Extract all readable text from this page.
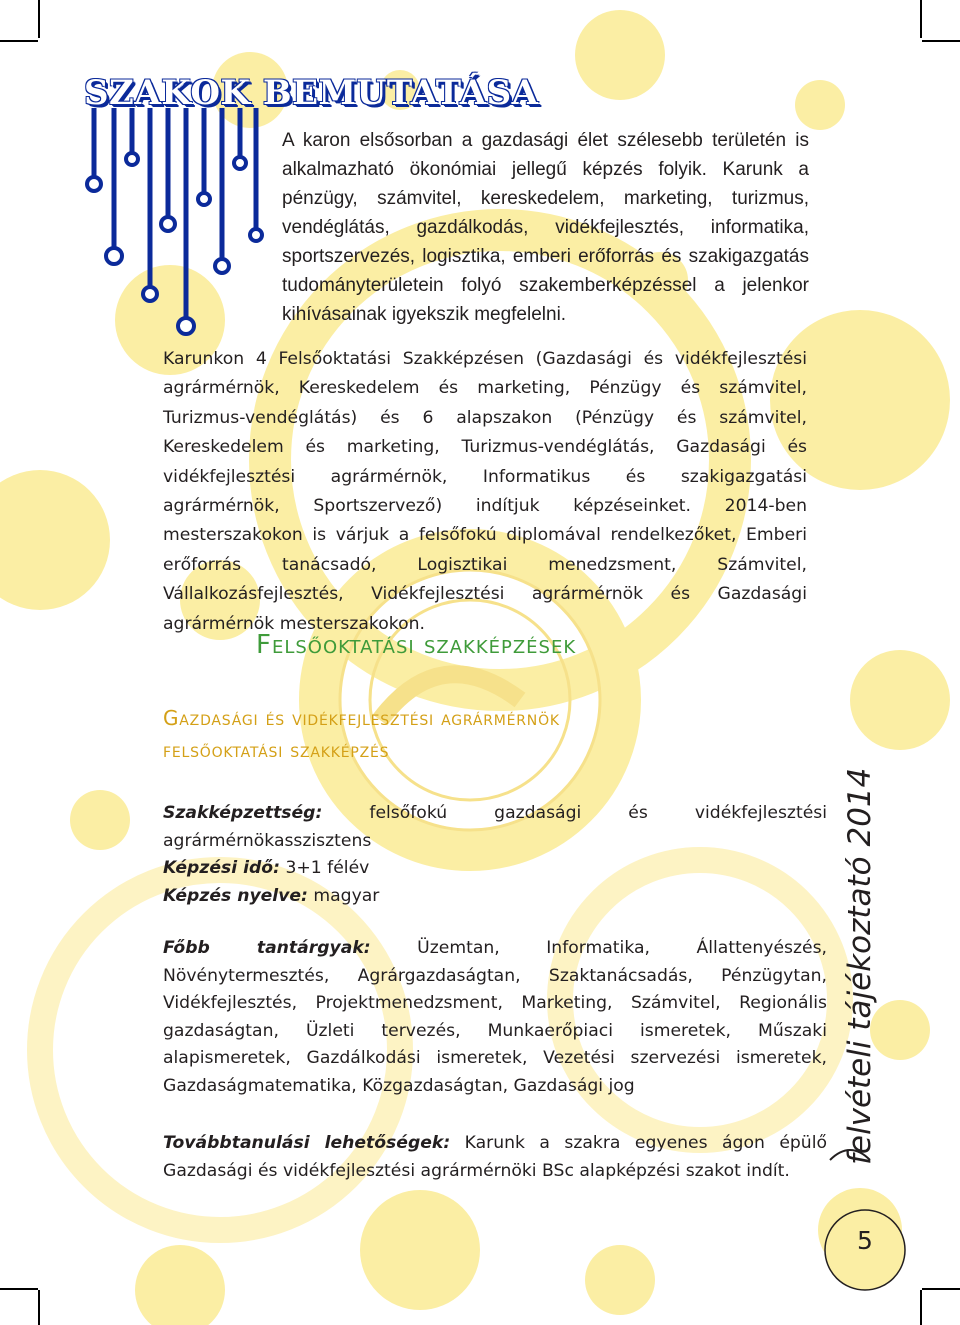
SZAKOK BEMUTATÁSA

A karon elsősorban a gazdasági élet szélesebb területén is alkalmazható ökonómiai jellegű képzés folyik. Karunk a pénzügy, számvitel, kereskedelem, marketing, turizmus, vendéglátás, gazdálkodás, vidékfejlesztés, informatika, sportszervezés, logisztika, emberi erőforrás és szakigazgatás tudományterületein folyó szakemberképzéssel a jelenkor kihívásainak igyekszik megfelelni.

Karunkon 4 Felsőoktatási Szakképzésen (Gazdasági és vidékfejlesztési agrármérnök, Kereskedelem és marketing, Pénzügy és számvitel, Turizmus-vendéglátás) és 6 alapszakon (Pénzügy és számvitel, Kereskedelem és marketing, Turizmus-vendéglátás, Gazdasági és vidékfejlesztési agrármérnök, Informatikus és szakigazgatási agrármérnök, Sportszervező) indítjuk képzéseinket. 2014-ben mesterszakokon is várjuk a felsőfokú diplomával rendelkezőket, Emberi erőforrás tanácsadó, Logisztikai menedzsment, Számvitel, Vállalkozásfejlesztés, Vidékfejlesztési agrármérnök és Gazdasági agrármérnök mesterszakokon.

Felsőoktatási szakképzések
Gazdasági és vidékfejlesztési agrármérnök
felsőoktatási szakképzés

Szakképzettség: felsőfokú gazdasági és vidékfejlesztési agrármérnökasszisztens

Képzési idő: 3+1 félév

Képzés nyelve: magyar

Főbb tantárgyak: Üzemtan, Informatika, Állattenyészés, Növénytermesztés, Agrárgazdaságtan, Szaktanácsadás, Pénzügytan, Vidékfejlesztés, Projektmenedzsment, Marketing, Számvitel, Regionális gazdaságtan, Üzleti tervezés, Munkaerőpiaci ismeretek, Műszaki alapismeretek, Gazdálkodási ismeretek, Vezetési szervezési ismeretek, Gazdaságmatematika, Közgazdaságtan, Gazdasági jog

Továbbtanulási lehetőségek: Karunk a szakra egyenes ágon épülő Gazdasági és vidékfejlesztési agrármérnöki BSc alapképzési szakot indít.

felvételi tájékoztató 2014
5
